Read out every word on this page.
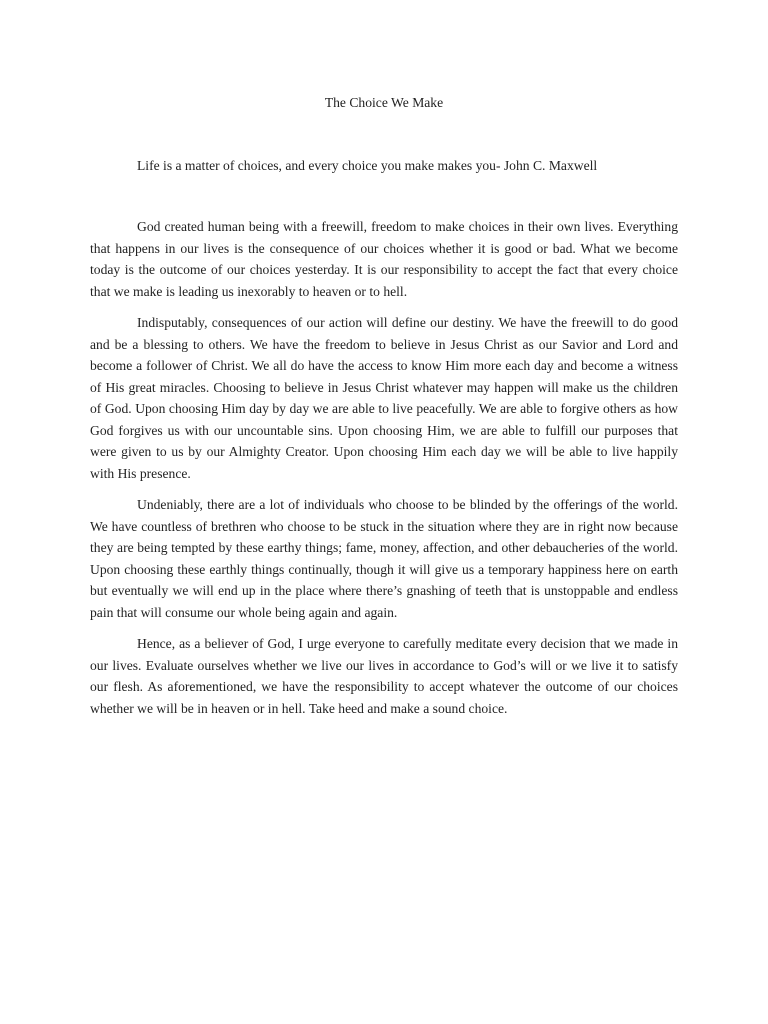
The Choice We Make

Life is a matter of choices, and every choice you make makes you- John C. Maxwell

God created human being with a freewill, freedom to make choices in their own lives. Everything that happens in our lives is the consequence of our choices whether it is good or bad. What we become today is the outcome of our choices yesterday. It is our responsibility to accept the fact that every choice that we make is leading us inexorably to heaven or to hell.

Indisputably, consequences of our action will define our destiny. We have the freewill to do good and be a blessing to others. We have the freedom to believe in Jesus Christ as our Savior and Lord and become a follower of Christ. We all do have the access to know Him more each day and become a witness of His great miracles. Choosing to believe in Jesus Christ whatever may happen will make us the children of God. Upon choosing Him day by day we are able to live peacefully. We are able to forgive others as how God forgives us with our uncountable sins. Upon choosing Him, we are able to fulfill our purposes that were given to us by our Almighty Creator. Upon choosing Him each day we will be able to live happily with His presence.

Undeniably, there are a lot of individuals who choose to be blinded by the offerings of the world. We have countless of brethren who choose to be stuck in the situation where they are in right now because they are being tempted by these earthy things; fame, money, affection, and other debaucheries of the world. Upon choosing these earthly things continually, though it will give us a temporary happiness here on earth but eventually we will end up in the place where there’s gnashing of teeth that is unstoppable and endless pain that will consume our whole being again and again.

Hence, as a believer of God, I urge everyone to carefully meditate every decision that we made in our lives. Evaluate ourselves whether we live our lives in accordance to God’s will or we live it to satisfy our flesh. As aforementioned, we have the responsibility to accept whatever the outcome of our choices whether we will be in heaven or in hell. Take heed and make a sound choice.
